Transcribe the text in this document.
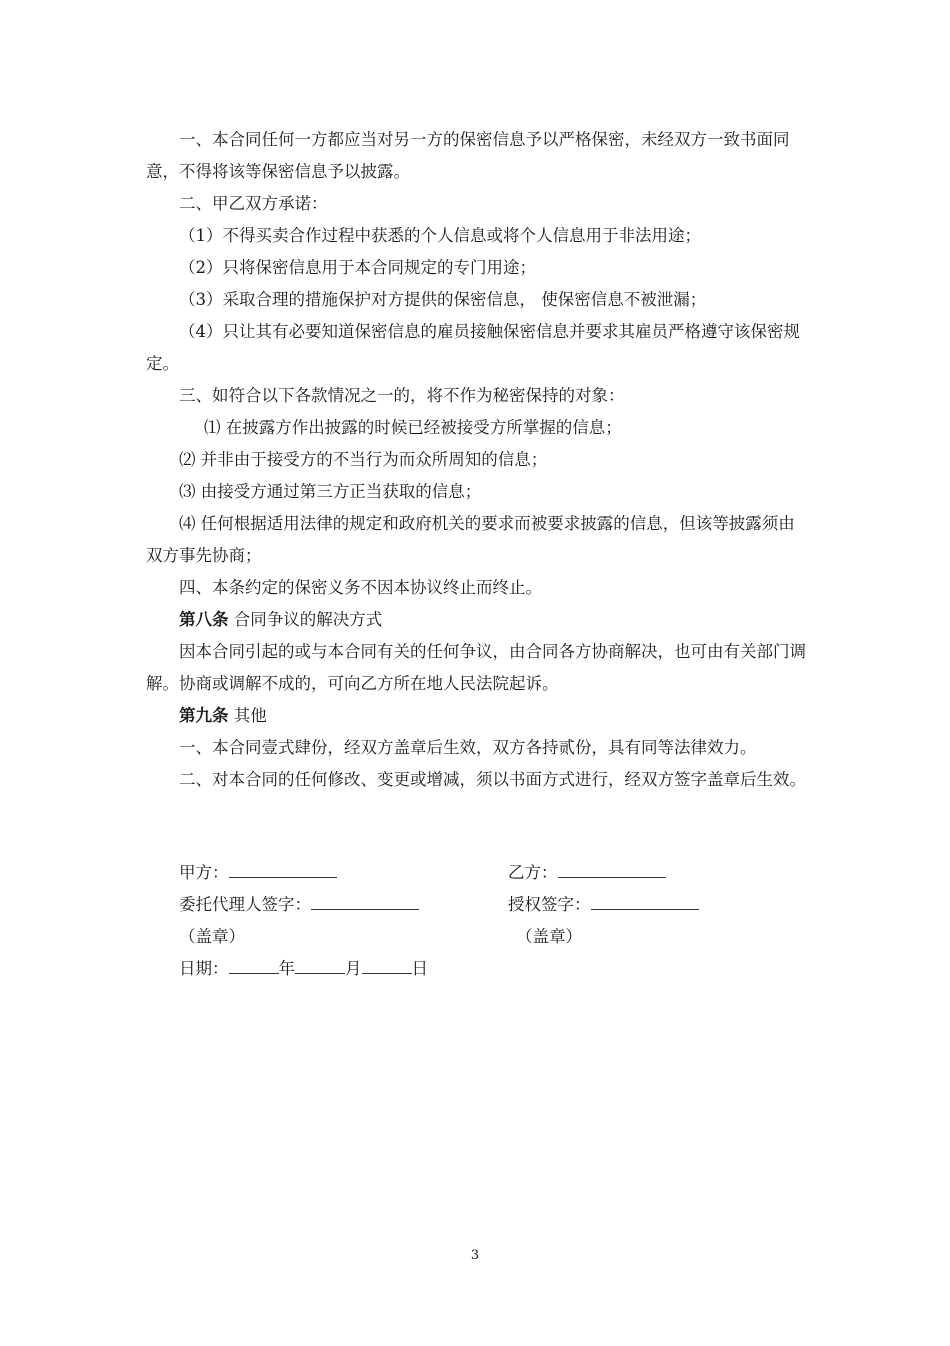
一、本合同任何一方都应当对另一方的保密信息予以严格保密，未经双方一致书面同意，不得将该等保密信息予以披露。

二、甲乙双方承诺：

（1）不得买卖合作过程中获悉的个人信息或将个人信息用于非法用途；

（2）只将保密信息用于本合同规定的专门用途；

（3）采取合理的措施保护对方提供的保密信息， 使保密信息不被泄漏；

（4）只让其有必要知道保密信息的雇员接触保密信息并要求其雇员严格遵守该保密规定。

三、如符合以下各款情况之一的，将不作为秘密保持的对象：

⑴ 在披露方作出披露的时候已经被接受方所掌握的信息；

⑵ 并非由于接受方的不当行为而众所周知的信息；

⑶ 由接受方通过第三方正当获取的信息；

⑷ 任何根据适用法律的规定和政府机关的要求而被要求披露的信息，但该等披露须由双方事先协商；

四、本条约定的保密义务不因本协议终止而终止。

第八条 合同争议的解决方式

因本合同引起的或与本合同有关的任何争议，由合同各方协商解决，也可由有关部门调解。协商或调解不成的，可向乙方所在地人民法院起诉。

第九条 其他

一、本合同壹式肆份，经双方盖章后生效，双方各持贰份，具有同等法律效力。

二、对本合同的任何修改、变更或增减，须以书面方式进行，经双方签字盖章后生效。

甲方：	乙方：
委托代理人签字：	授权签字：
（盖章）	（盖章）
日期：	年	月	日
3
